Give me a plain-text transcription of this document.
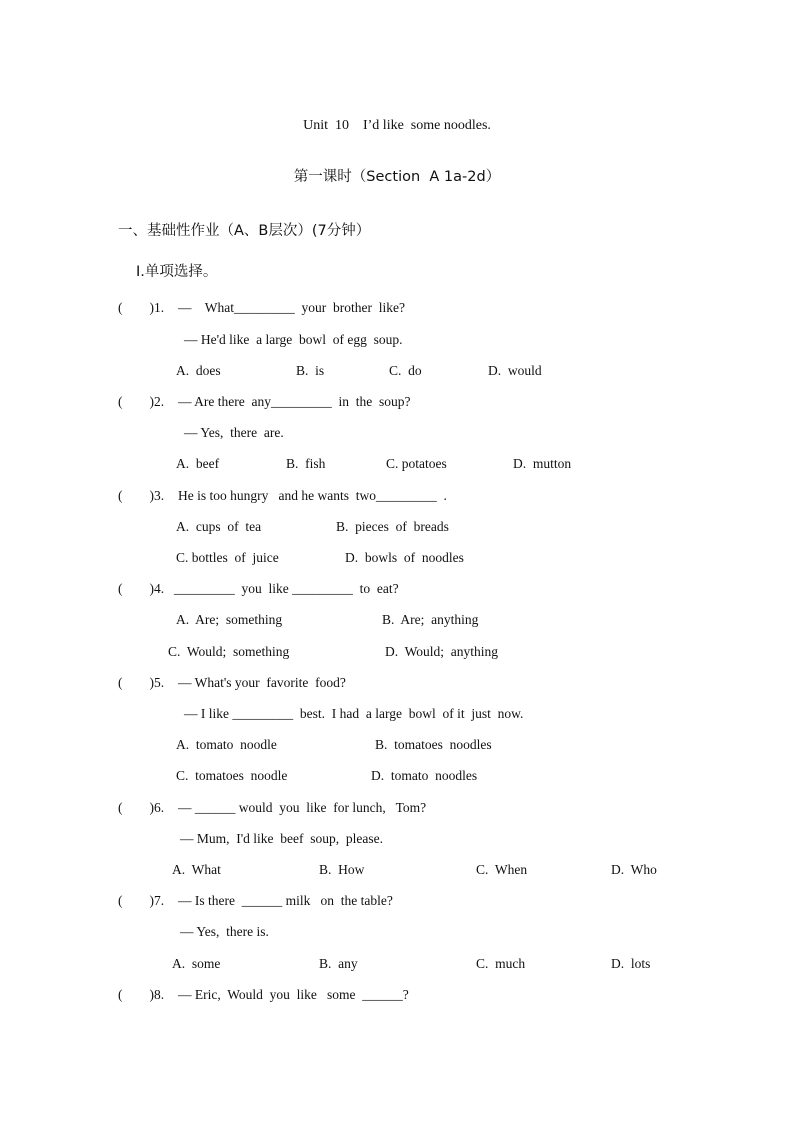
Unit  10    I’d like  some noodles.
第一课时（Section  A 1a-2d）
一、基础性作业（A、B层次）(7分钟）
Ⅰ.单项选择。
(        )1. —    What_________  your  brother  like?
— He'd like  a large  bowl  of egg  soup.
A.  does	B.  is	C.  do	D.  would
(        )2. — Are there  any_________  in  the  soup?
— Yes,  there  are.
A.  beef	B.  fish	C. potatoes	D.  mutton
(        )3. He is too hungry   and he wants  two_________  .
A.  cups  of  tea	B.  pieces  of  breads
C. bottles  of  juice	D.  bowls  of  noodles
(        )4. _________  you  like _________  to  eat?
A.  Are;  something	B.  Are;  anything
C.  Would;  something	D.  Would;  anything
(        )5. — What's your  favorite  food?
— I like _________  best.  I had  a large  bowl  of it  just  now.
A.  tomato  noodle	B.  tomatoes  noodles
C.  tomatoes  noodle	D.  tomato  noodles
(        )6. — ______ would  you  like  for lunch,   Tom?
— Mum,  I'd like  beef  soup,  please.
A.  What	B.  How	C.  When	D.  Who
(        )7. — Is there  ______ milk   on  the table?
— Yes,  there is.
A.  some	B.  any	C.  much	D.  lots
(        )8. — Eric,  Would  you  like   some  ______?
